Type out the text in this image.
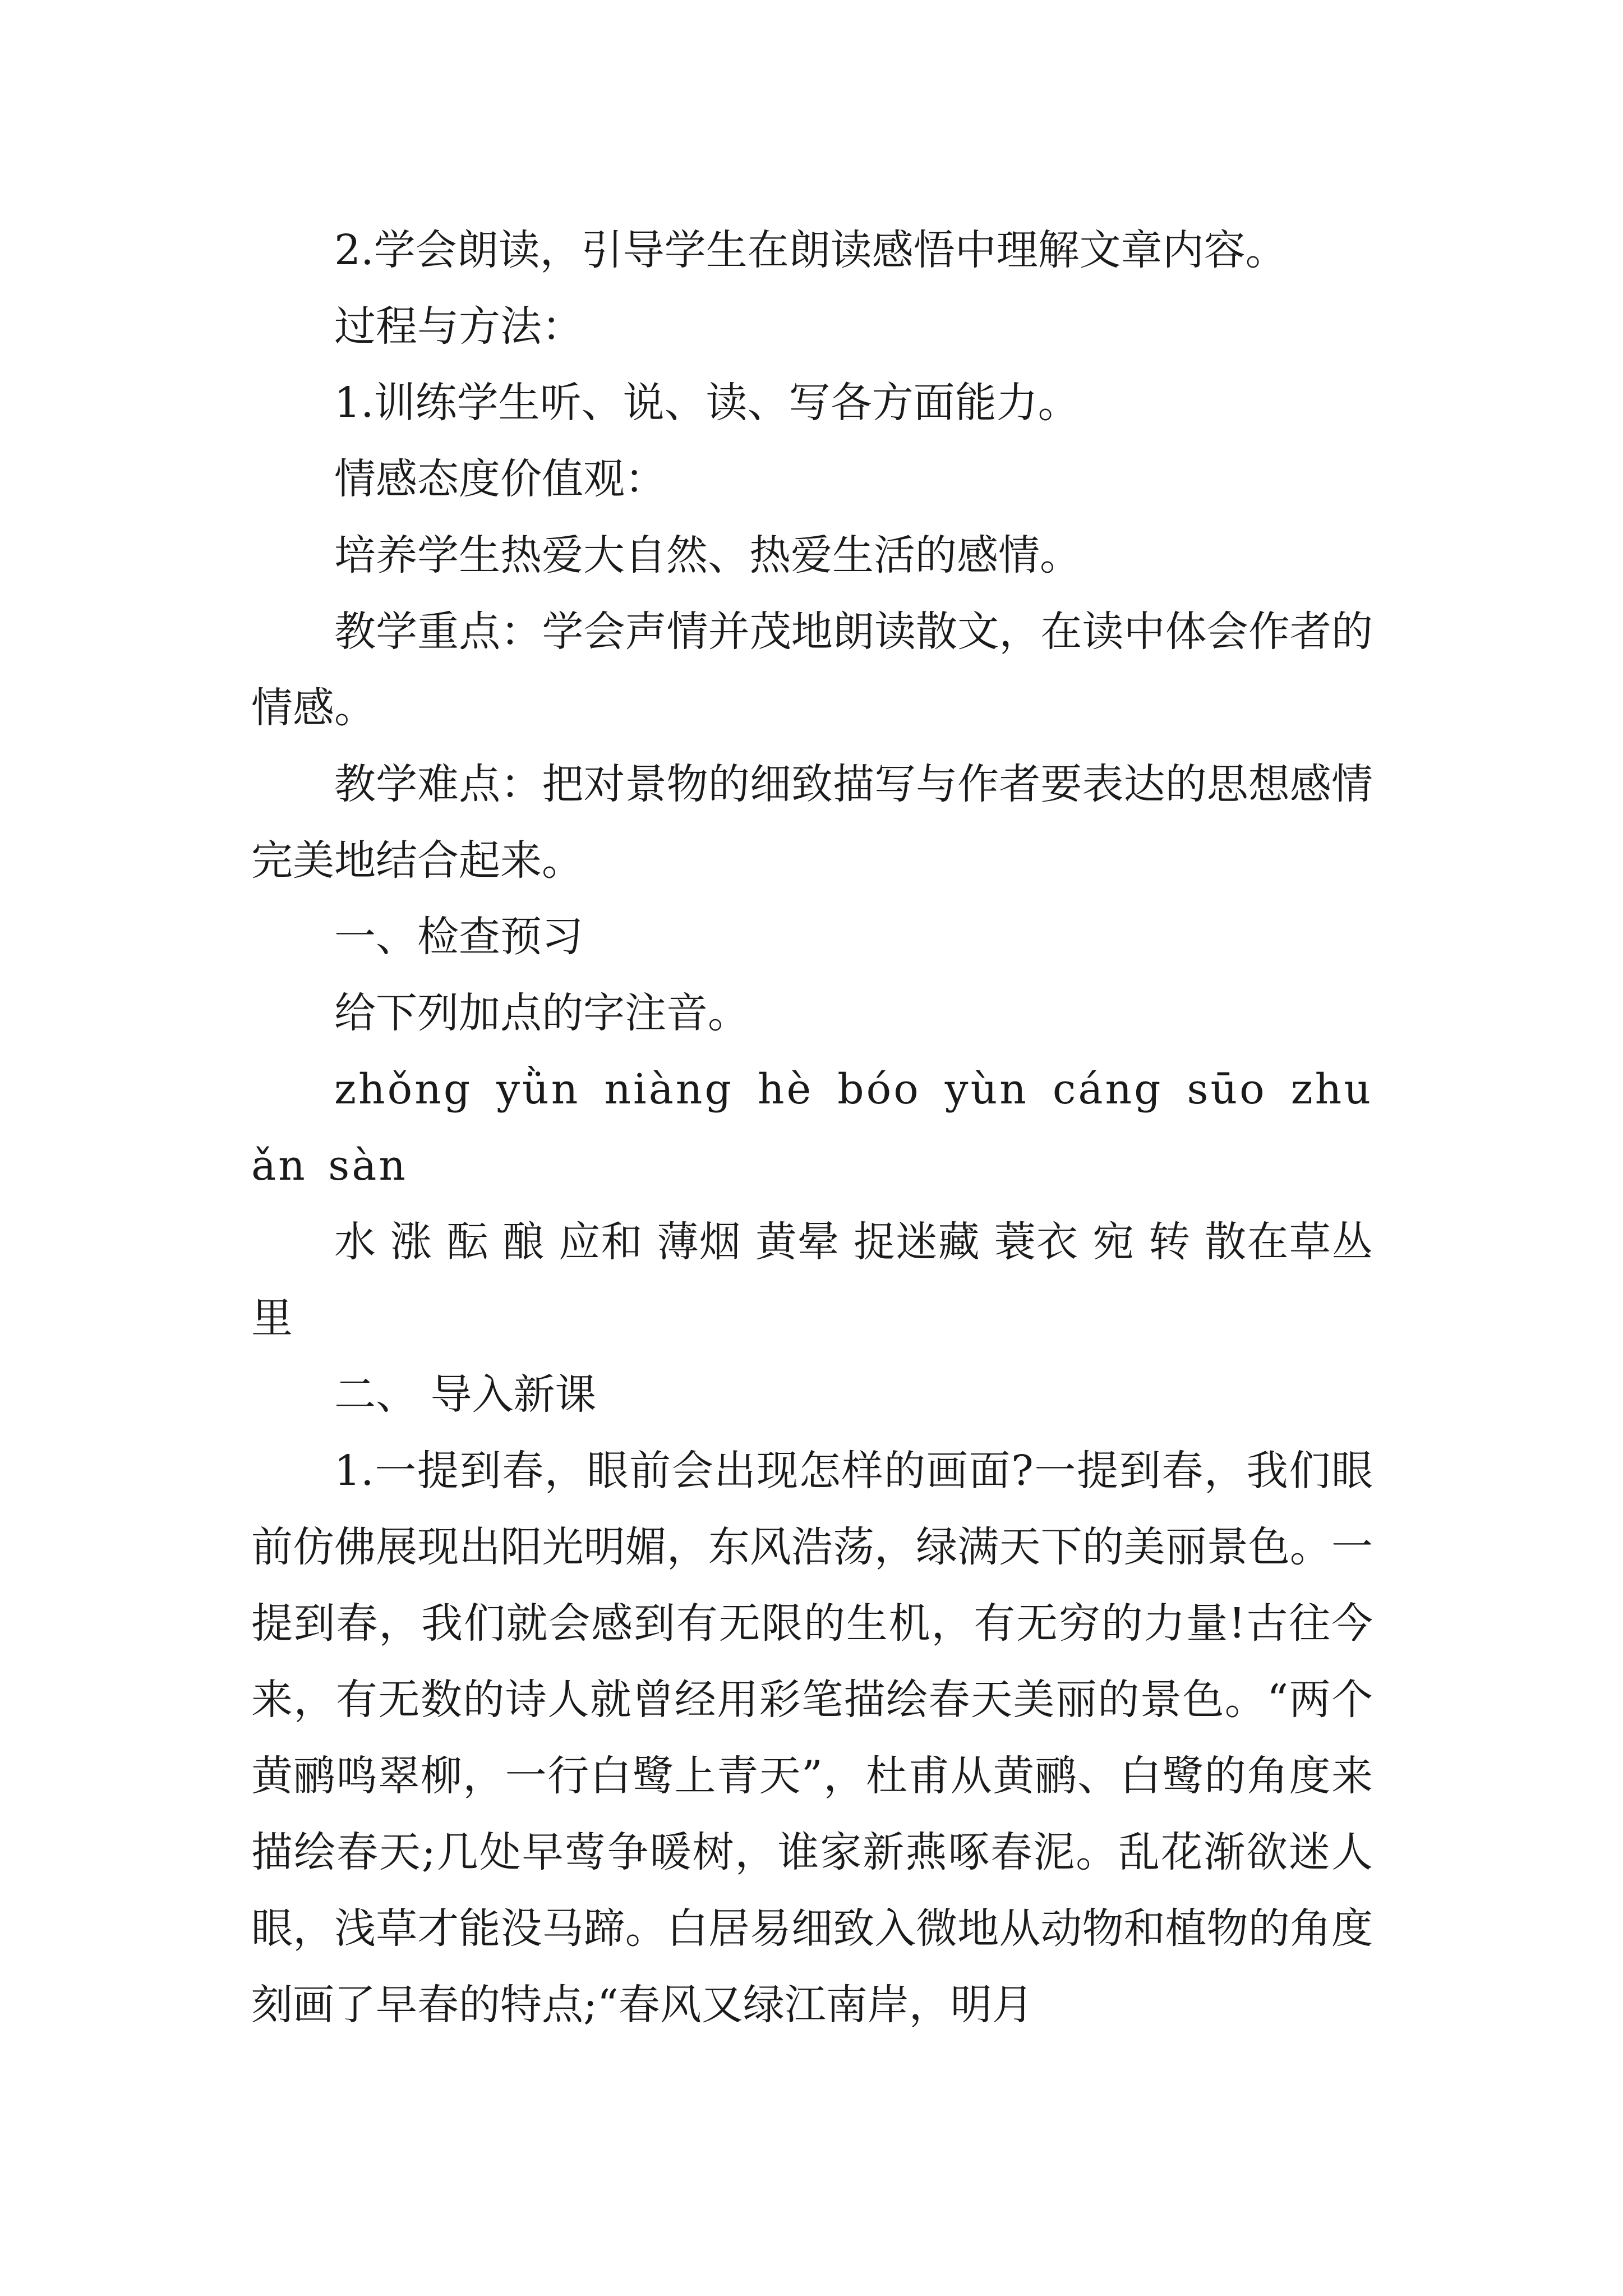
2.学会朗读，引导学生在朗读感悟中理解文章内容。

过程与方法：

1.训练学生听、说、读、写各方面能力。

情感态度价值观：

培养学生热爱大自然、热爱生活的感情。

教学重点：学会声情并茂地朗读散文，在读中体会作者的情感。

教学难点：把对景物的细致描写与作者要表达的思想感情完美地结合起来。

一、检查预习

给下列加点的字注音。

zhǒng yǜn niàng hè bóo yùn cáng sūo zhuǎn sàn

水 涨 酝 酿 应和 薄烟 黄晕 捉迷藏 蓑衣 宛 转 散在草丛里

二、 导入新课

1.一提到春，眼前会出现怎样的画面?一提到春，我们眼前仿佛展现出阳光明媚，东风浩荡，绿满天下的美丽景色。一提到春，我们就会感到有无限的生机，有无穷的力量!古往今来，有无数的诗人就曾经用彩笔描绘春天美丽的景色。“两个黄鹂鸣翠柳，一行白鹭上青天”，杜甫从黄鹂、白鹭的角度来描绘春天;几处早莺争暖树，谁家新燕啄春泥。乱花渐欲迷人眼，浅草才能没马蹄。白居易细致入微地从动物和植物的角度刻画了早春的特点;“春风又绿江南岸，明月
